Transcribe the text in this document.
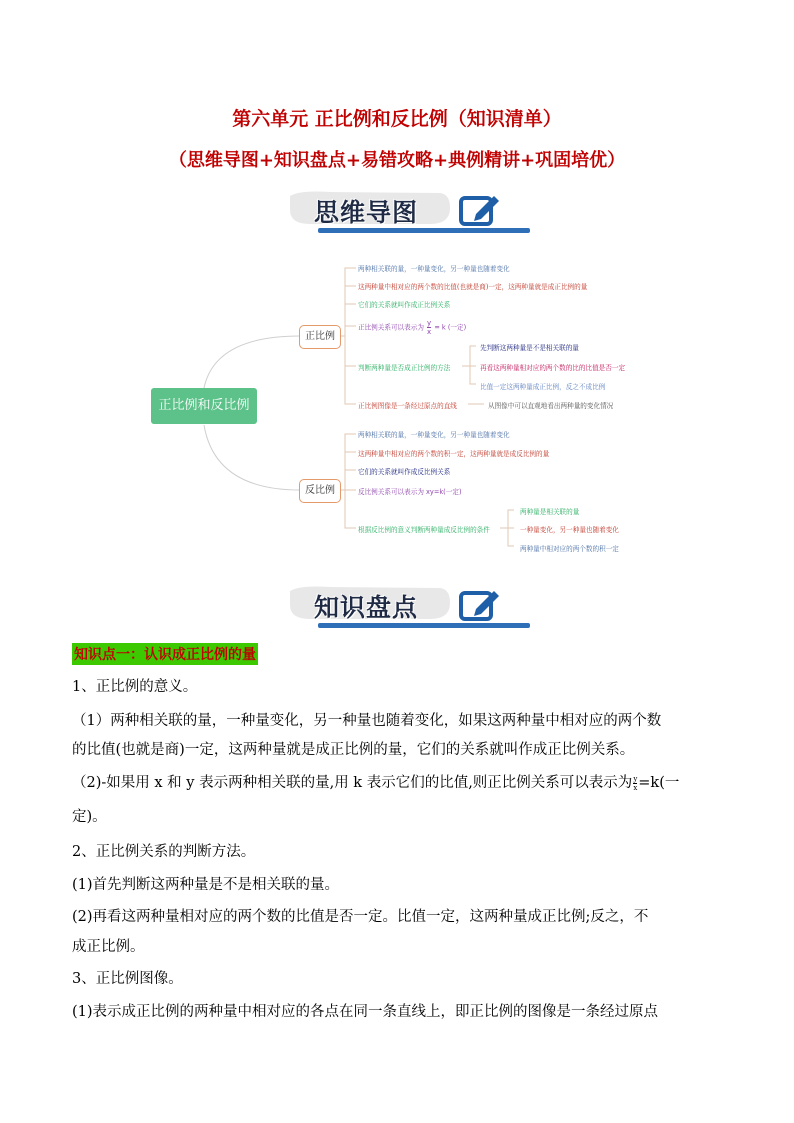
第六单元 正比例和反比例（知识清单）
（思维导图+知识盘点+易错攻略+典例精讲+巩固培优）
思维导图
正比例和反比例
正比例
反比例
两种相关联的量，一种量变化，另一种量也随着变化
这两种量中相对应的两个数的比值(也就是商)一定，这两种量就是成正比例的量
它们的关系就叫作成正比例关系
正比例关系可以表示为 $\frac{y}{x} = k$ (一定)
判断两种量是否成正比例的方法
正比例图像是一条经过原点的直线
先判断这两种量是不是相关联的量
再看这两种量相对应的两个数的比的比值是否一定
比值一定这两种量成正比例，反之不成比例
从图像中可以直观地看出两种量的变化情况
两种相关联的量，一种量变化，另一种量也随着变化
这两种量中相对应的两个数的积一定，这两种量就是成反比例的量
它们的关系就叫作成反比例关系
反比例关系可以表示为 xy=k(一定)
根据反比例的意义判断两种量成反比例的条件
两种量是相关联的量
一种量变化，另一种量也随着变化
两种量中相对应的两个数的积一定
知识盘点
知识点一：认识成正比例的量
1、正比例的意义。
（1）两种相关联的量，一种量变化，另一种量也随着变化，如果这两种量中相对应的两个数
的比值(也就是商)一定，这两种量就是成正比例的量，它们的关系就叫作成正比例关系。
（2)-如果用 x 和 y 表示两种相关联的量,用 k 表示它们的比值,则正比例关系可以表示为 $\frac{y}{x} =k$(一
定)。
2、正比例关系的判断方法。
(1)首先判断这两种量是不是相关联的量。
(2)再看这两种量相对应的两个数的比值是否一定。比值一定，这两种量成正比例;反之，不
成正比例。
3、正比例图像。
(1)表示成正比例的两种量中相对应的各点在同一条直线上，即正比例的图像是一条经过原点
